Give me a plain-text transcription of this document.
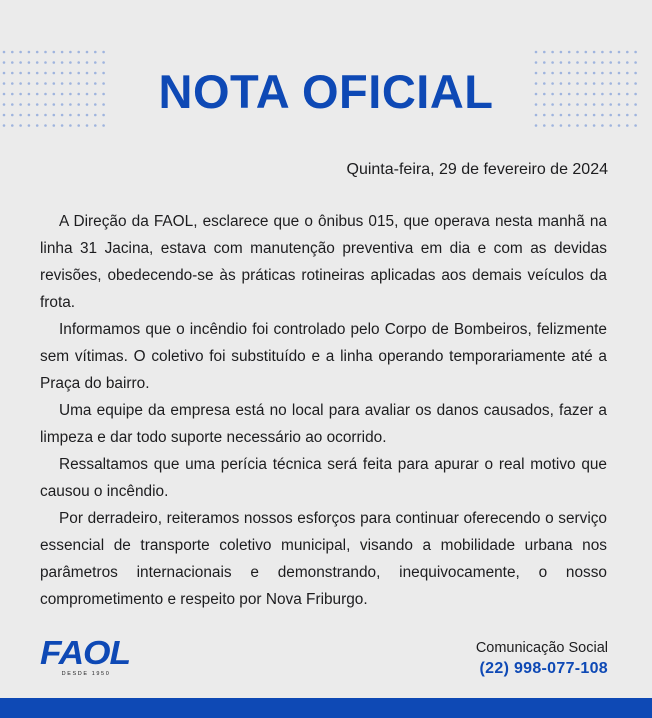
NOTA OFICIAL
Quinta-feira, 29 de fevereiro de 2024

A Direção da FAOL, esclarece que o ônibus 015, que operava nesta manhã na linha 31 Jacina, estava com manutenção preventiva em dia e com as devidas revisões, obedecendo-se às práticas rotineiras aplicadas aos demais veículos da frota.

Informamos que o incêndio foi controlado pelo Corpo de Bombeiros, felizmente sem vítimas. O coletivo foi substituído e a linha operando temporariamente até a Praça do bairro.

Uma equipe da empresa está no local para avaliar os danos causados, fazer a limpeza e dar todo suporte necessário ao ocorrido.

Ressaltamos que uma perícia técnica será feita para apurar o real motivo que causou o incêndio.

Por derradeiro, reiteramos nossos esforços para continuar oferecendo o serviço essencial de transporte coletivo municipal, visando a mobilidade urbana nos parâmetros internacionais e demonstrando, inequivocamente, o nosso comprometimento e respeito por Nova Friburgo.

FAOL
DESDE 1950
Comunicação Social
(22) 998-077-108
